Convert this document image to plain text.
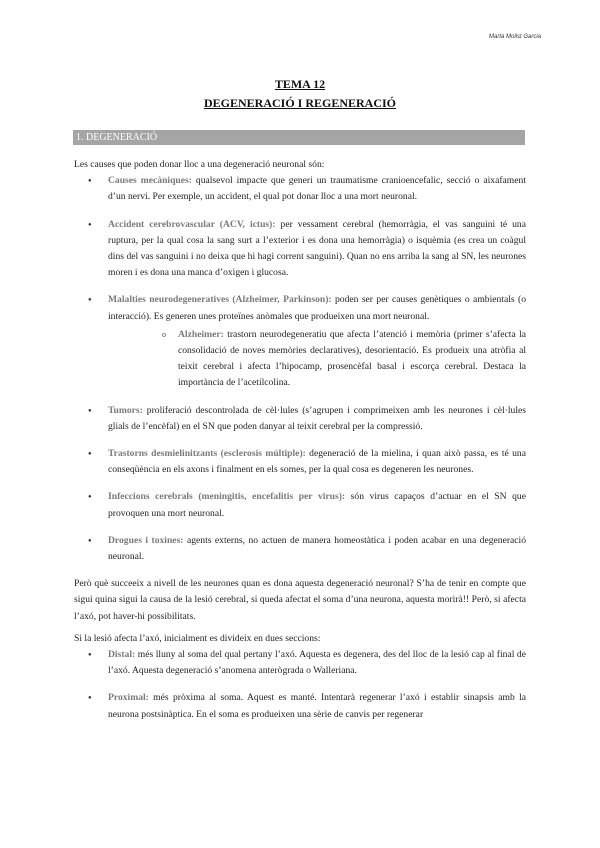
Marta Molist Garcia
TEMA 12
DEGENERACIÓ I REGENERACIÓ
1. DEGENERACIÓ

Les causes que poden donar lloc a una degeneració neuronal són:

● Causes mecàniques: qualsevol impacte que generi un traumatisme cranioencefalic, secció o aixafament d’un nervi. Per exemple, un accident, el qual pot donar lloc a una mort neuronal.
● Accident cerebrovascular (ACV, ictus): per vessament cerebral (hemorràgia, el vas sanguini té una ruptura, per la qual cosa la sang surt a l’exterior i es dona una hemorràgia) o isquèmia (es crea un coàgul dins del vas sanguini i no deixa que hi hagi corrent sanguini). Quan no ens arriba la sang al SN, les neurones moren i es dona una manca d’oxigen i glucosa.
● Malalties neurodegeneratives (Alzheimer, Parkinson): poden ser per causes genètiques o ambientals (o interacció). Es generen unes proteïnes anòmales que produeixen una mort neuronal.
o Alzheimer: trastorn neurodegeneratiu que afecta l’atenció i memòria (primer s’afecta la consolidació de noves memòries declaratives), desorientació. Es produeix una atròfia al teixit cerebral i afecta l’hipocamp, prosencèfal basal i escorça cerebral. Destaca la importància de l’acetilcolina.
● Tumors: proliferació descontrolada de cèl·lules (s’agrupen i comprimeixen amb les neurones i cèl·lules glials de l’encèfal) en el SN que poden danyar al teixit cerebral per la compressió.
● Trastorns desmielinitzants (esclerosis múltiple): degeneració de la mielina, i quan això passa, es té una conseqüència en els axons i finalment en els somes, per la qual cosa es degeneren les neurones.
● Infeccions cerebrals (meningitis, encefalitis per virus): són virus capaços d’actuar en el SN que provoquen una mort neuronal.
● Drogues i toxines: agents externs, no actuen de manera homeostàtica i poden acabar en una degeneració neuronal.

Però què succeeix a nivell de les neurones quan es dona aquesta degeneració neuronal? S’ha de tenir en compte que sigui quina sigui la causa de la lesió cerebral, si queda afectat el soma d’una neurona, aquesta morirà!! Però, si afecta l’axó, pot haver-hi possibilitats.

Si la lesió afecta l’axó, inicialment es divideix en dues seccions:

● Distal: més lluny al soma del qual pertany l’axó. Aquesta es degenera, des del lloc de la lesió cap al final de l’axó. Aquesta degeneració s’anomena anterògrada o Walleriana.
● Proximal: més pròxima al soma. Aquest es manté. Intentarà regenerar l’axó i establir sinapsis amb la neurona postsinàptica. En el soma es produeixen una sèrie de canvis per regenerar
